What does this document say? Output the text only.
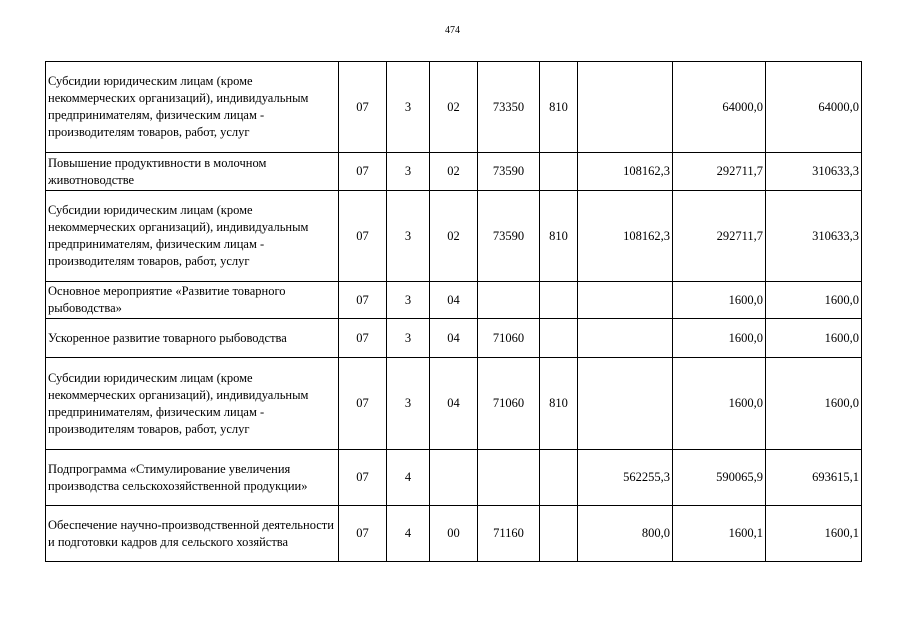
474
Субсидии юридическим лицам (кроме некоммерческих организаций), индивидуальным предпринимателям, физическим лицам - производителям товаров, работ, услуг	07	3	02	73350	810		64000,0	64000,0
Повышение продуктивности в молочном животноводстве	07	3	02	73590		108162,3	292711,7	310633,3
Субсидии юридическим лицам (кроме некоммерческих организаций), индивидуальным предпринимателям, физическим лицам - производителям товаров, работ, услуг	07	3	02	73590	810	108162,3	292711,7	310633,3
Основное мероприятие «Развитие товарного рыбоводства»	07	3	04				1600,0	1600,0
Ускоренное развитие товарного рыбоводства	07	3	04	71060			1600,0	1600,0
Субсидии юридическим лицам (кроме некоммерческих организаций), индивидуальным предпринимателям, физическим лицам - производителям товаров, работ, услуг	07	3	04	71060	810		1600,0	1600,0
Подпрограмма «Стимулирование увеличения производства сельскохозяйственной продукции»	07	4				562255,3	590065,9	693615,1
Обеспечение научно-производственной деятельности и подготовки кадров для сельского хозяйства	07	4	00	71160		800,0	1600,1	1600,1
